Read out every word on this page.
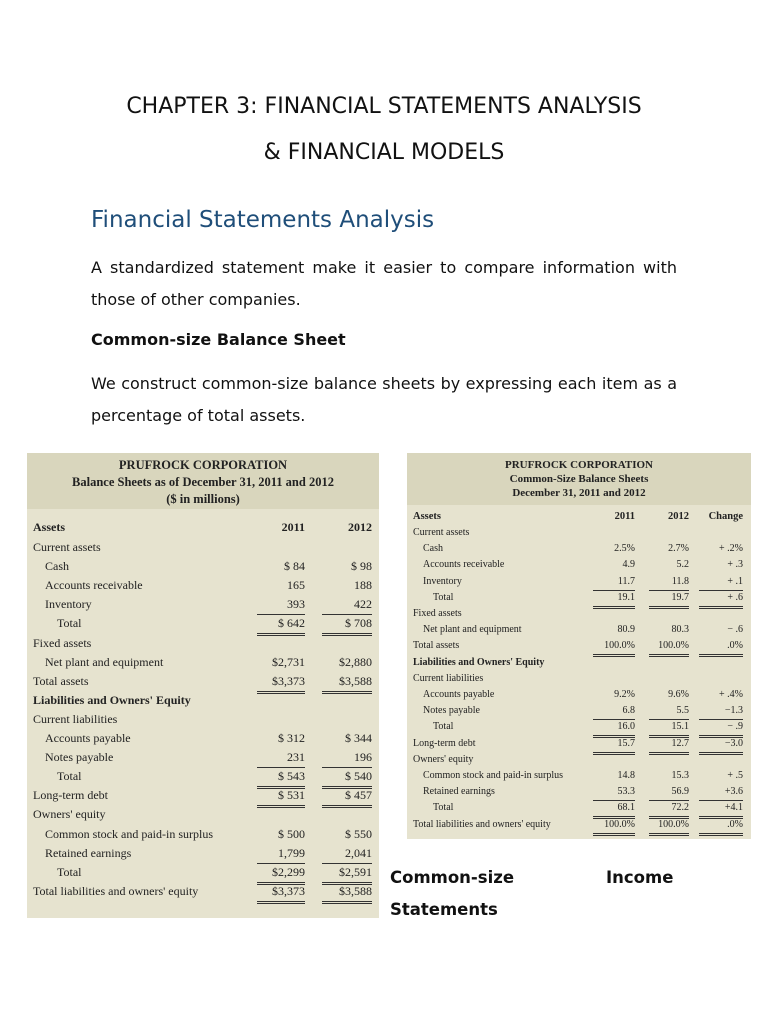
CHAPTER 3: FINANCIAL STATEMENTS ANALYSIS
& FINANCIAL MODELS
Financial Statements Analysis
A standardized statement make it easier to compare information with those of other companies.
Common-size Balance Sheet
We construct common-size balance sheets by expressing each item as a percentage of total assets.
PRUFROCK CORPORATION
Balance Sheets as of December 31, 2011 and 2012
($ in millions)
Assets	2011	2012
Current assets
Cash	$ 84	$ 98
Accounts receivable	165	188
Inventory	393	422
Total	$ 642	$ 708
Fixed assets
Net plant and equipment	$2,731	$2,880
Total assets	$3,373	$3,588
Liabilities and Owners' Equity
Current liabilities
Accounts payable	$ 312	$ 344
Notes payable	231	196
Total	$ 543	$ 540
Long-term debt	$ 531	$ 457
Owners' equity
Common stock and paid-in surplus	$ 500	$ 550
Retained earnings	1,799	2,041
Total	$2,299	$2,591
Total liabilities and owners' equity	$3,373	$3,588
PRUFROCK CORPORATION
Common-Size Balance Sheets
December 31, 2011 and 2012
Assets	2011	2012	Change
Current assets
Cash	2.5%	2.7%	+ .2%
Accounts receivable	4.9	5.2	+ .3
Inventory	11.7	11.8	+ .1
Total	19.1	19.7	+ .6
Fixed assets
Net plant and equipment	80.9	80.3	− .6
Total assets	100.0%	100.0%	.0%
Liabilities and Owners' Equity
Current liabilities
Accounts payable	9.2%	9.6%	+ .4%
Notes payable	6.8	5.5	−1.3
Total	16.0	15.1	− .9
Long-term debt	15.7	12.7	−3.0
Owners' equity
Common stock and paid-in surplus	14.8	15.3	+ .5
Retained earnings	53.3	56.9	+3.6
Total	68.1	72.2	+4.1
Total liabilities and owners' equity	100.0%	100.0%	.0%
Common-size	Income
Statements
